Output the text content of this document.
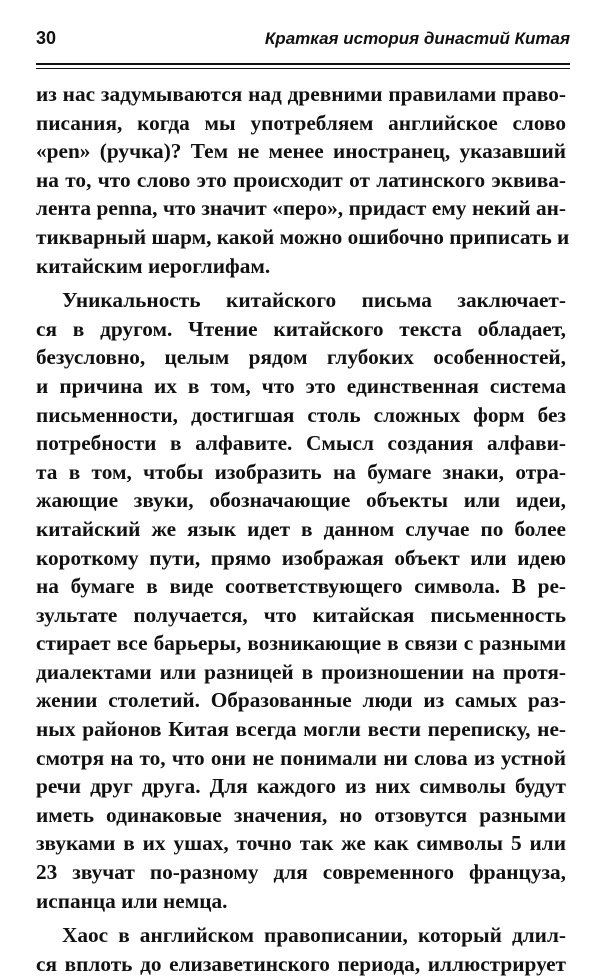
30	Краткая история династий Китая
из нас задумываются над древними правилами право-
писания, когда мы употребляем английское слово
«pen» (ручка)? Тем не менее иностранец, указавший
на то, что слово это происходит от латинского эквива-
лента penna, что значит «перо», придаст ему некий ан-
тикварный шарм, какой можно ошибочно приписать и
китайским иероглифам.
Уникальность китайского письма заключает-
ся в другом. Чтение китайского текста обладает,
безусловно, целым рядом глубоких особенностей,
и причина их в том, что это единственная система
письменности, достигшая столь сложных форм без
потребности в алфавите. Смысл создания алфави-
та в том, чтобы изобразить на бумаге знаки, отра-
жающие звуки, обозначающие объекты или идеи,
китайский же язык идет в данном случае по более
короткому пути, прямо изображая объект или идею
на бумаге в виде соответствующего символа. В ре-
зультате получается, что китайская письменность
стирает все барьеры, возникающие в связи с разными
диалектами или разницей в произношении на протя-
жении столетий. Образованные люди из самых раз-
ных районов Китая всегда могли вести переписку, не-
смотря на то, что они не понимали ни слова из устной
речи друг друга. Для каждого из них символы будут
иметь одинаковые значения, но отзовутся разными
звуками в их ушах, точно так же как символы 5 или
23 звучат по-разному для современного француза,
испанца или немца.
Хаос в английском правописании, который длил-
ся вплоть до елизаветинского периода, иллюстрирует
